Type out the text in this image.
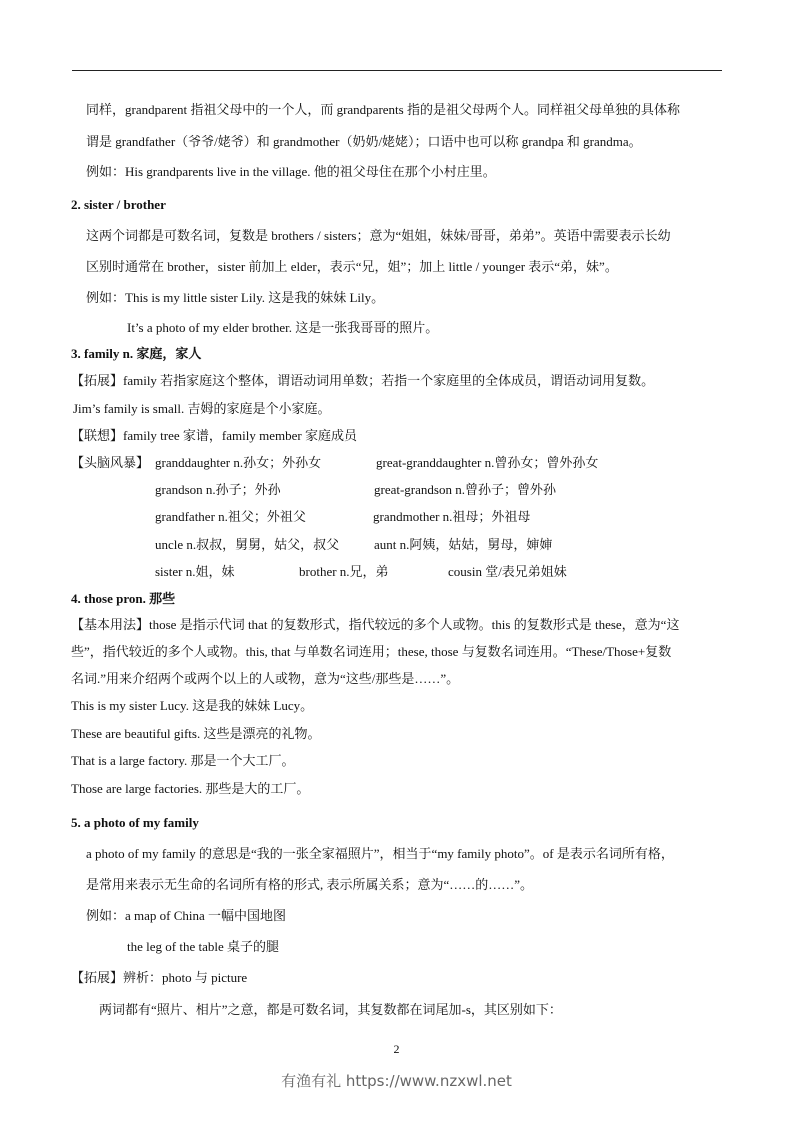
同样，grandparent 指祖父母中的一个人，而 grandparents 指的是祖父母两个人。同样祖父母单独的具体称
谓是 grandfather（爷爷/姥爷）和 grandmother（奶奶/姥姥）；口语中也可以称 grandpa 和 grandma。
例如：His grandparents live in the village. 他的祖父母住在那个小村庄里。
2. sister / brother
这两个词都是可数名词，复数是 brothers / sisters；意为“姐姐，妹妹/哥哥，弟弟”。英语中需要表示长幼
区别时通常在 brother，sister 前加上 elder，表示“兄，姐”；加上 little / younger 表示“弟，妹”。
例如：This is my little sister Lily. 这是我的妹妹 Lily。
It’s a photo of my elder brother. 这是一张我哥哥的照片。
3. family n. 家庭，家人
【拓展】family 若指家庭这个整体，谓语动词用单数；若指一个家庭里的全体成员，谓语动词用复数。
Jim’s family is small. 吉姆的家庭是个小家庭。
【联想】family tree 家谱，family member 家庭成员
【头脑风暴】 granddaughter n.孙女；外孙女	great-granddaughter n.曾孙女；曾外孙女
grandson n.孙子；外孙	great-grandson n.曾孙子；曾外孙
grandfather n.祖父；外祖父	grandmother n.祖母；外祖母
uncle n.叔叔，舅舅，姑父，叔父	aunt n.阿姨，姑姑，舅母，婶婶
sister n.姐，妹	brother n.兄，弟	cousin 堂/表兄弟姐妹
4. those pron. 那些
【基本用法】those 是指示代词 that 的复数形式，指代较远的多个人或物。this 的复数形式是 these，意为“这
些”，指代较近的多个人或物。this, that 与单数名词连用；these, those 与复数名词连用。“These/Those+复数
名词.”用来介绍两个或两个以上的人或物，意为“这些/那些是……”。
This is my sister Lucy. 这是我的妹妹 Lucy。
These are beautiful gifts. 这些是漂亮的礼物。
That is a large factory. 那是一个大工厂。
Those are large factories. 那些是大的工厂。
5. a photo of my family
a photo of my family 的意思是“我的一张全家福照片”，相当于“my family photo”。of 是表示名词所有格，
是常用来表示无生命的名词所有格的形式, 表示所属关系；意为“……的……”。
例如：a map of China 一幅中国地图
the leg of the table 桌子的腿
【拓展】辨析：photo 与 picture
两词都有“照片、相片”之意，都是可数名词，其复数都在词尾加-s，其区别如下：
2
有渔有礼 https://www.nzxwl.net
